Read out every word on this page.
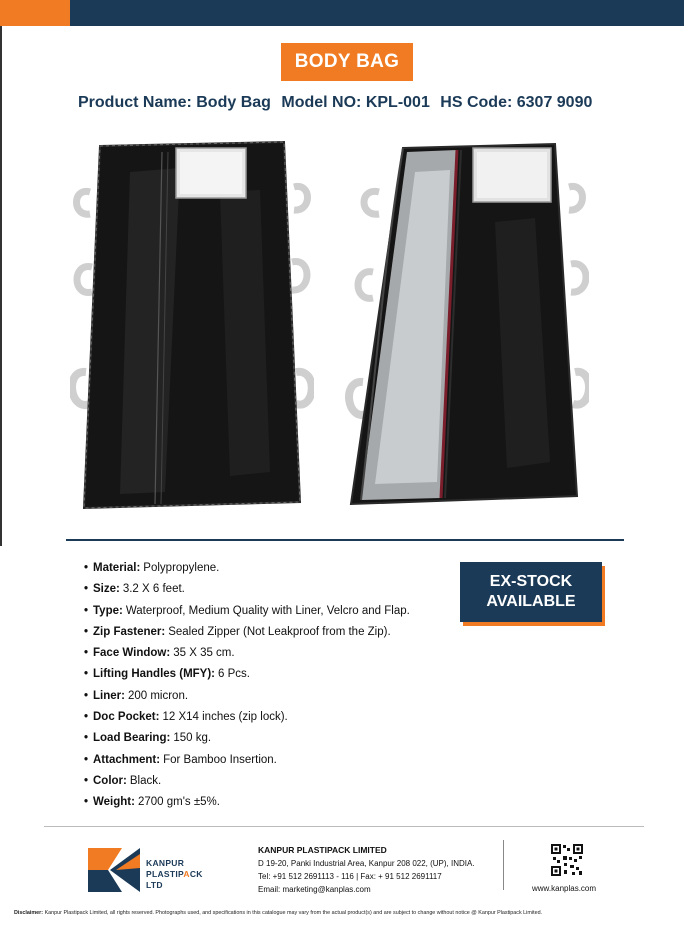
BODY BAG
Product Name: Body Bag Model NO: KPL-001 HS Code: 6307 9090
• Material: Polypropylene.
• Size: 3.2 X 6 feet.
• Type: Waterproof, Medium Quality with Liner, Velcro and Flap.
• Zip Fastener: Sealed Zipper (Not Leakproof from the Zip).
• Face Window: 35 X 35 cm.
• Lifting Handles (MFY): 6 Pcs.
• Liner: 200 micron.
• Doc Pocket: 12 X14 inches (zip lock).
• Load Bearing: 150 kg.
• Attachment: For Bamboo Insertion.
• Color: Black.
• Weight: 2700 gm's ±5%.
EX-STOCK
AVAILABLE
KANPUR
PLASTIPACK
LTD
KANPUR PLASTIPACK LIMITED
D 19-20, Panki Industrial Area, Kanpur 208 022, (UP), INDIA.
Tel: +91 512 2691113 - 116 | Fax: + 91 512 2691117
Email: marketing@kanplas.com	www.kanplas.com
Disclaimer: Kanpur Plastipack Limited, all rights reserved. Photographs used, and specifications in this catalogue may vary from the actual product(s) and are subject to change without notice @ Kanpur Plastipack Limited.
